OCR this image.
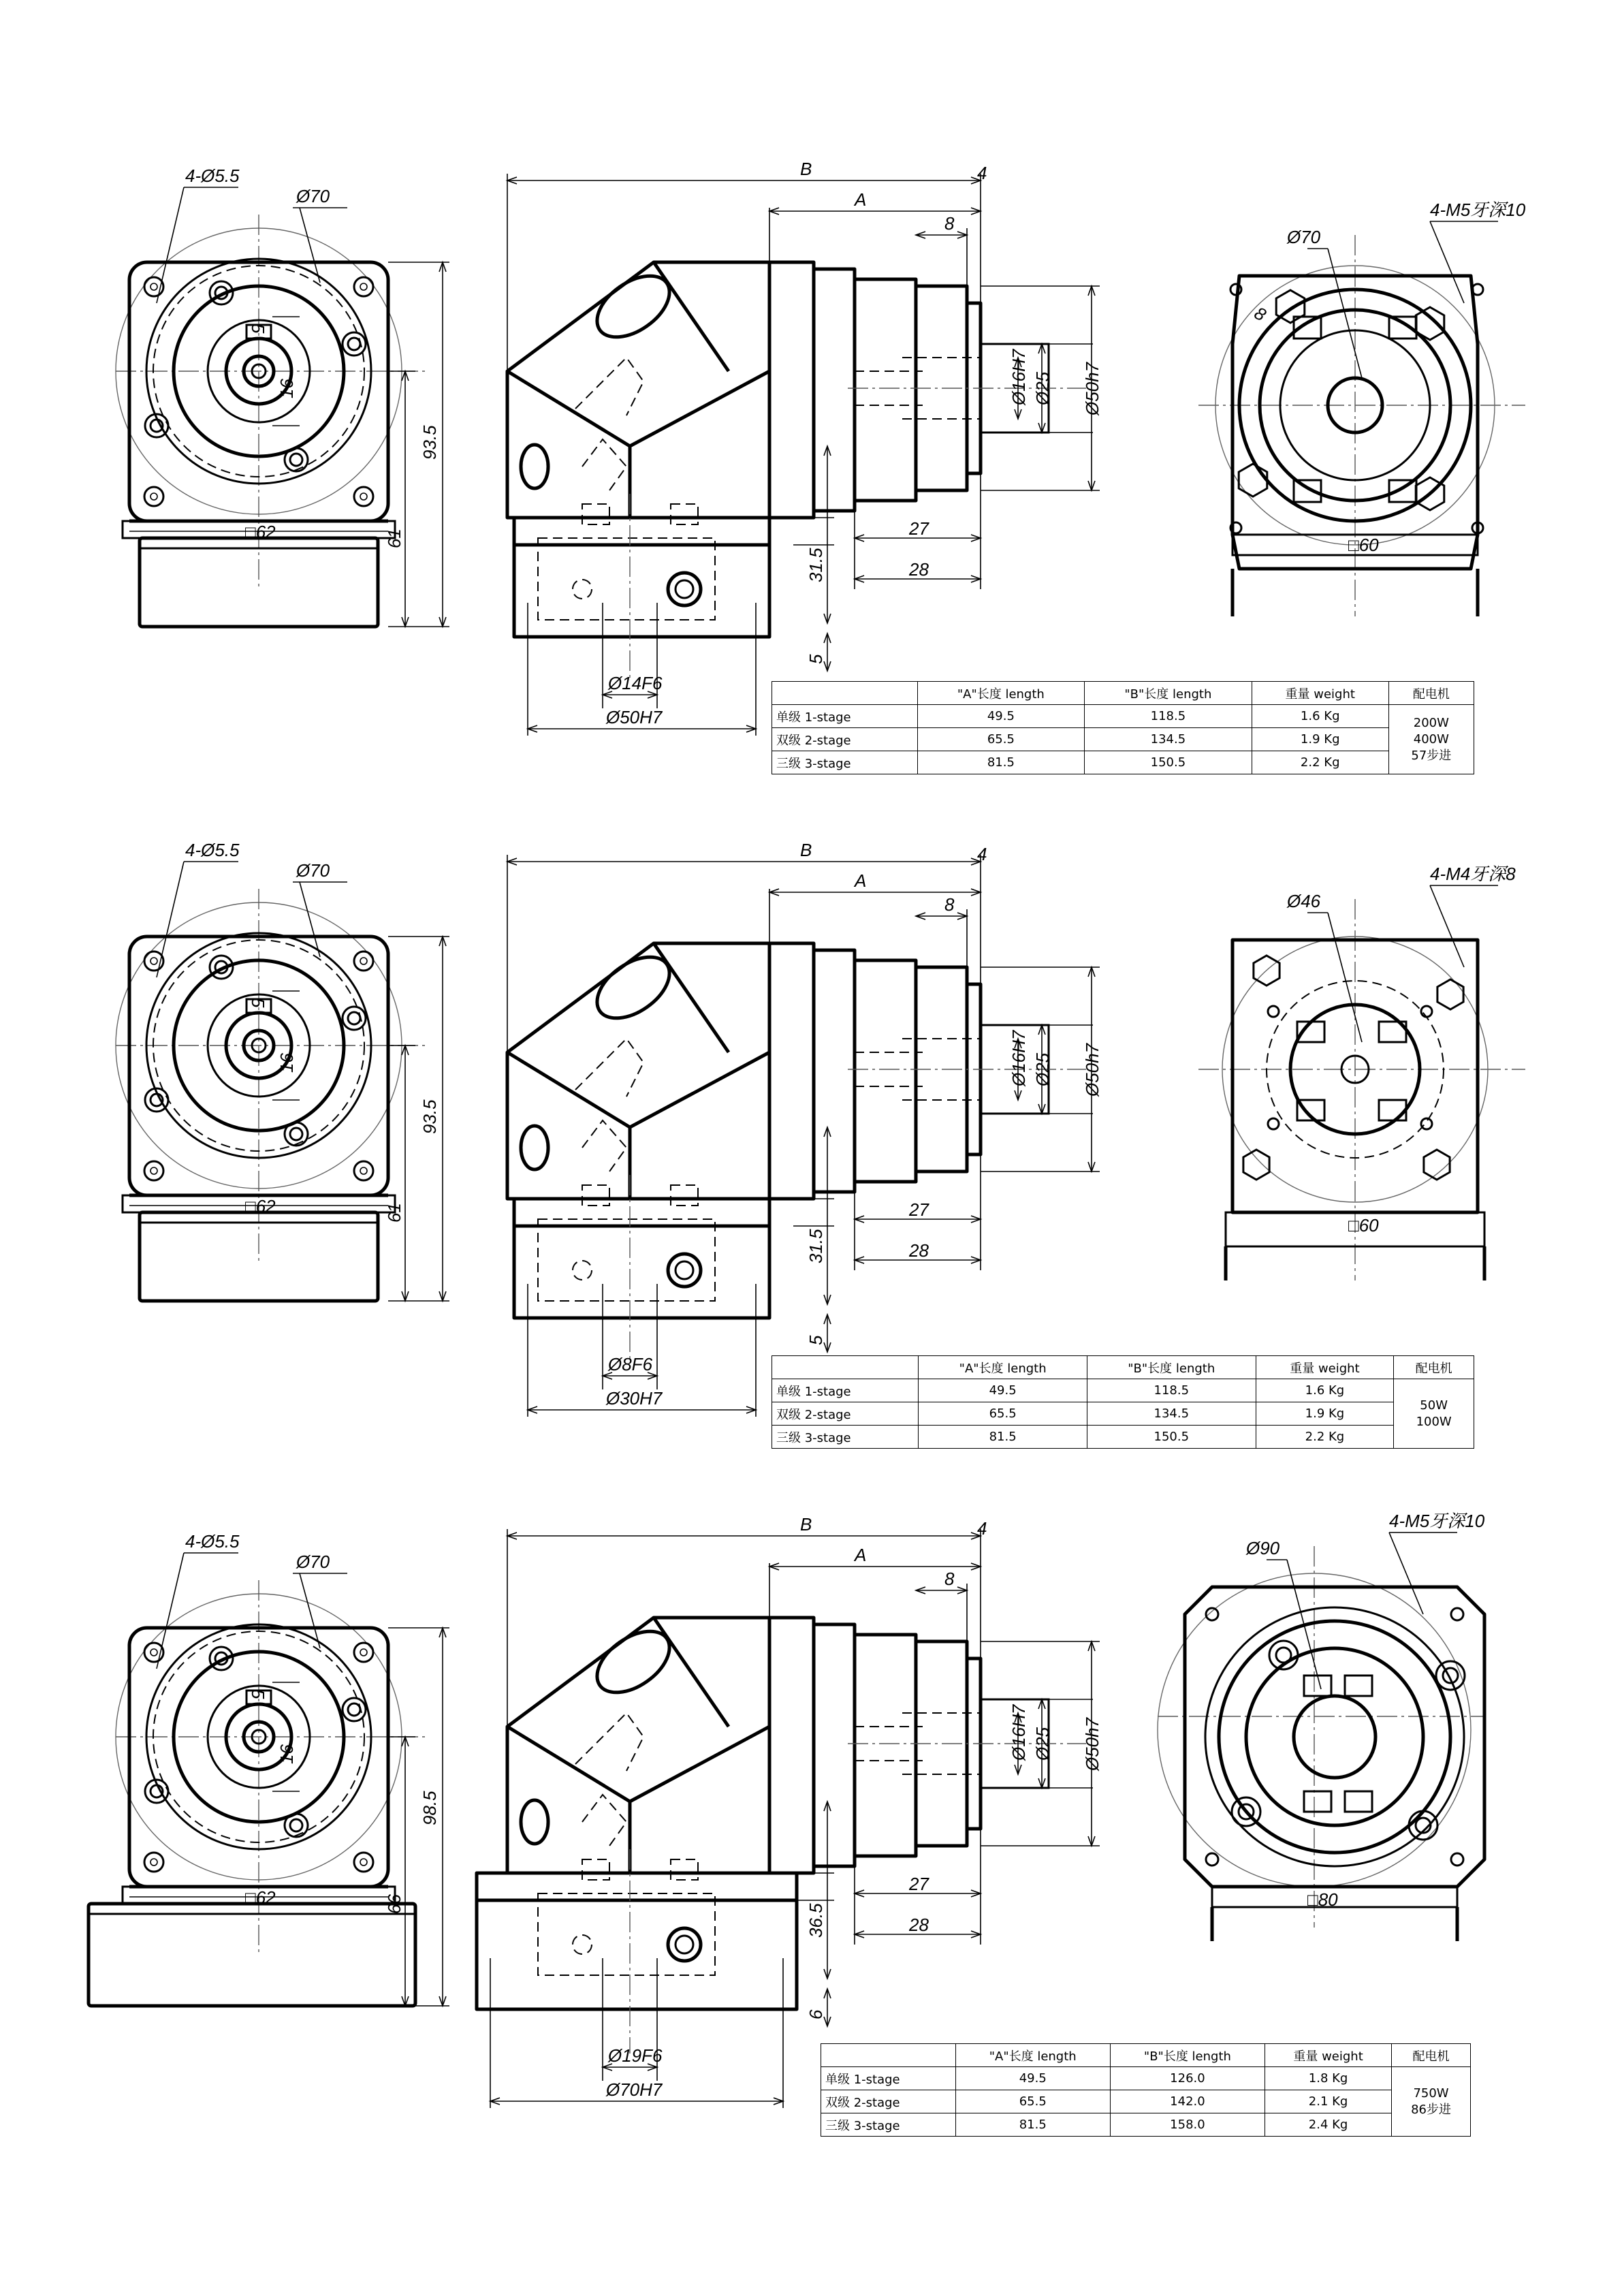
4-Ø5.5
Ø70
5
16
93.5
61
□62
B
A
4
8
Ø16H7 Ø25 Ø50h7
27
28
31.5
5
Ø14F6
Ø50H7
Ø70
4-M5牙深10
8
□60
4-Ø5.5
Ø70
5
16
93.5
61
□62
B
A
4
8
Ø16H7 Ø25 Ø50h7
27
28
31.5
5
Ø8F6
Ø30H7
Ø46
4-M4牙深8
□60
4-Ø5.5
Ø70
5
16
98.5
66
□62
B
A
4
8
Ø16H7 Ø25 Ø50h7
27
28
36.5
6
Ø19F6
Ø70H7
Ø90
4-M5牙深10
□80
	"A"长度 length	"B"长度 length	重量 weight	配电机
单级 1-stage	49.5	118.5	1.6 Kg	200W
400W
57步进

双级 2-stage	65.5	134.5	1.9 Kg	
三级 3-stage	81.5	150.5	2.2 Kg	
	"A"长度 length	"B"长度 length	重量 weight	配电机
单级 1-stage	49.5	118.5	1.6 Kg	50W
100W

双级 2-stage	65.5	134.5	1.9 Kg	
三级 3-stage	81.5	150.5	2.2 Kg	
	"A"长度 length	"B"长度 length	重量 weight	配电机
单级 1-stage	49.5	126.0	1.8 Kg	750W
86步进

双级 2-stage	65.5	142.0	2.1 Kg	
三级 3-stage	81.5	158.0	2.4 Kg	
